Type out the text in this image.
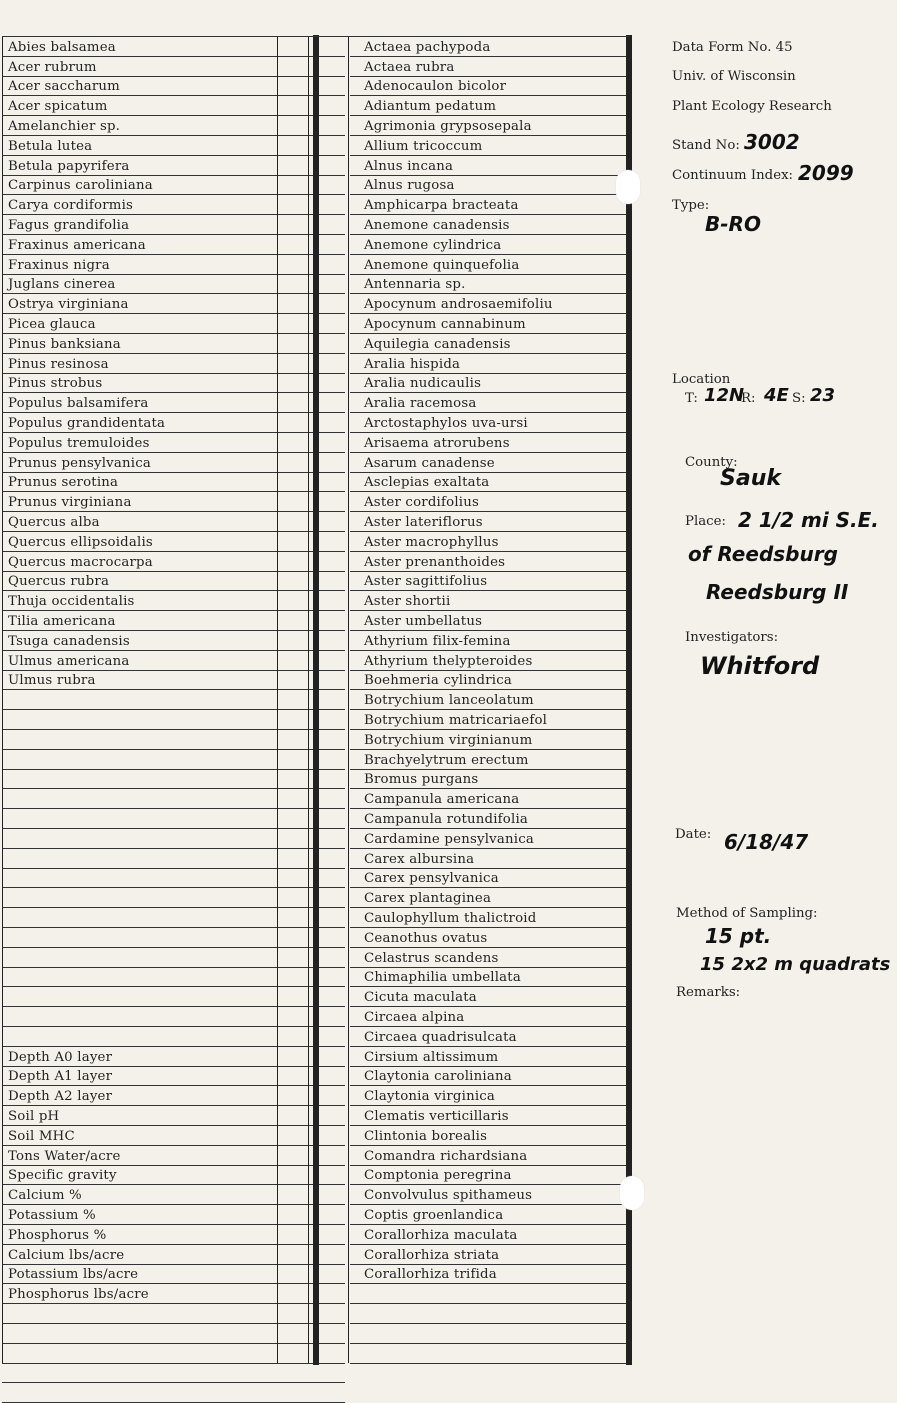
Abies balsamea
Acer rubrum
Acer saccharum
Acer spicatum
Amelanchier sp.
Betula lutea
Betula papyrifera
Carpinus caroliniana
Carya cordiformis
Fagus grandifolia
Fraxinus americana
Fraxinus nigra
Juglans cinerea
Ostrya virginiana
Picea glauca
Pinus banksiana
Pinus resinosa
Pinus strobus
Populus balsamifera
Populus grandidentata
Populus tremuloides
Prunus pensylvanica
Prunus serotina
Prunus virginiana
Quercus alba
Quercus ellipsoidalis
Quercus macrocarpa
Quercus rubra
Thuja occidentalis
Tilia americana
Tsuga canadensis
Ulmus americana
Ulmus rubra
Depth A0 layer
Depth A1 layer
Depth A2 layer
Soil pH
Soil MHC
Tons Water/acre
Specific gravity
Calcium %
Potassium %
Phosphorus %
Calcium lbs/acre
Potassium lbs/acre
Phosphorus lbs/acre
Actaea pachypoda
Actaea rubra
Adenocaulon bicolor
Adiantum pedatum
Agrimonia grypsosepala
Allium tricoccum
Alnus incana
Alnus rugosa
Amphicarpa bracteata
Anemone canadensis
Anemone cylindrica
Anemone quinquefolia
Antennaria sp.
Apocynum androsaemifoliu
Apocynum cannabinum
Aquilegia canadensis
Aralia hispida
Aralia nudicaulis
Aralia racemosa
Arctostaphylos uva-ursi
Arisaema atrorubens
Asarum canadense
Asclepias exaltata
Aster cordifolius
Aster lateriflorus
Aster macrophyllus
Aster prenanthoides
Aster sagittifolius
Aster shortii
Aster umbellatus
Athyrium filix-femina
Athyrium thelypteroides
Boehmeria cylindrica
Botrychium lanceolatum
Botrychium matricariaefol
Botrychium virginianum
Brachyelytrum erectum
Bromus purgans
Campanula americana
Campanula rotundifolia
Cardamine pensylvanica
Carex albursina
Carex pensylvanica
Carex plantaginea
Caulophyllum thalictroid
Ceanothus ovatus
Celastrus scandens
Chimaphilia umbellata
Cicuta maculata
Circaea alpina
Circaea quadrisulcata
Cirsium altissimum
Claytonia caroliniana
Claytonia virginica
Clematis verticillaris
Clintonia borealis
Comandra richardsiana
Comptonia peregrina
Convolvulus spithameus
Coptis groenlandica
Corallorhiza maculata
Corallorhiza striata
Corallorhiza trifida
Data Form No. 45
Univ. of Wisconsin
Plant Ecology Research
Stand No: 3002
Continuum Index: 2099
Type:
B-RO
Location
T: 12N
R: 4E S: 23
County:
Sauk
Place: 2 1/2 mi S.E.
of Reedsburg
Reedsburg II
Investigators:
Whitford
Date: 6/18/47
Method of Sampling:
15 pt.
15 2x2 m quadrats
Remarks:
